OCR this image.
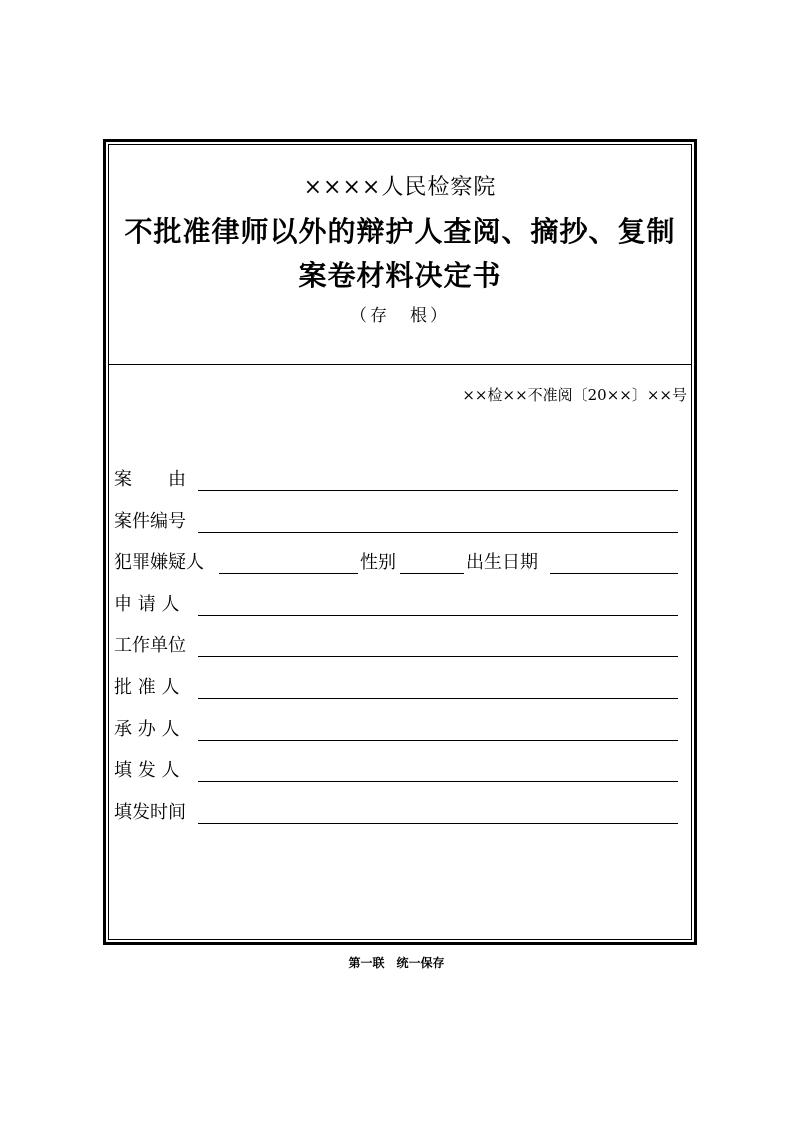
××××人民检察院
不批准律师以外的辩护人查阅、摘抄、复制
案卷材料决定书
（存　根）
××检××不准阅〔20××〕××号
案　　由
案件编号
犯罪嫌疑人	性别	出生日期
申 请 人
工作单位
批 准 人
承 办 人
填 发 人
填发时间
第一联　统一保存
